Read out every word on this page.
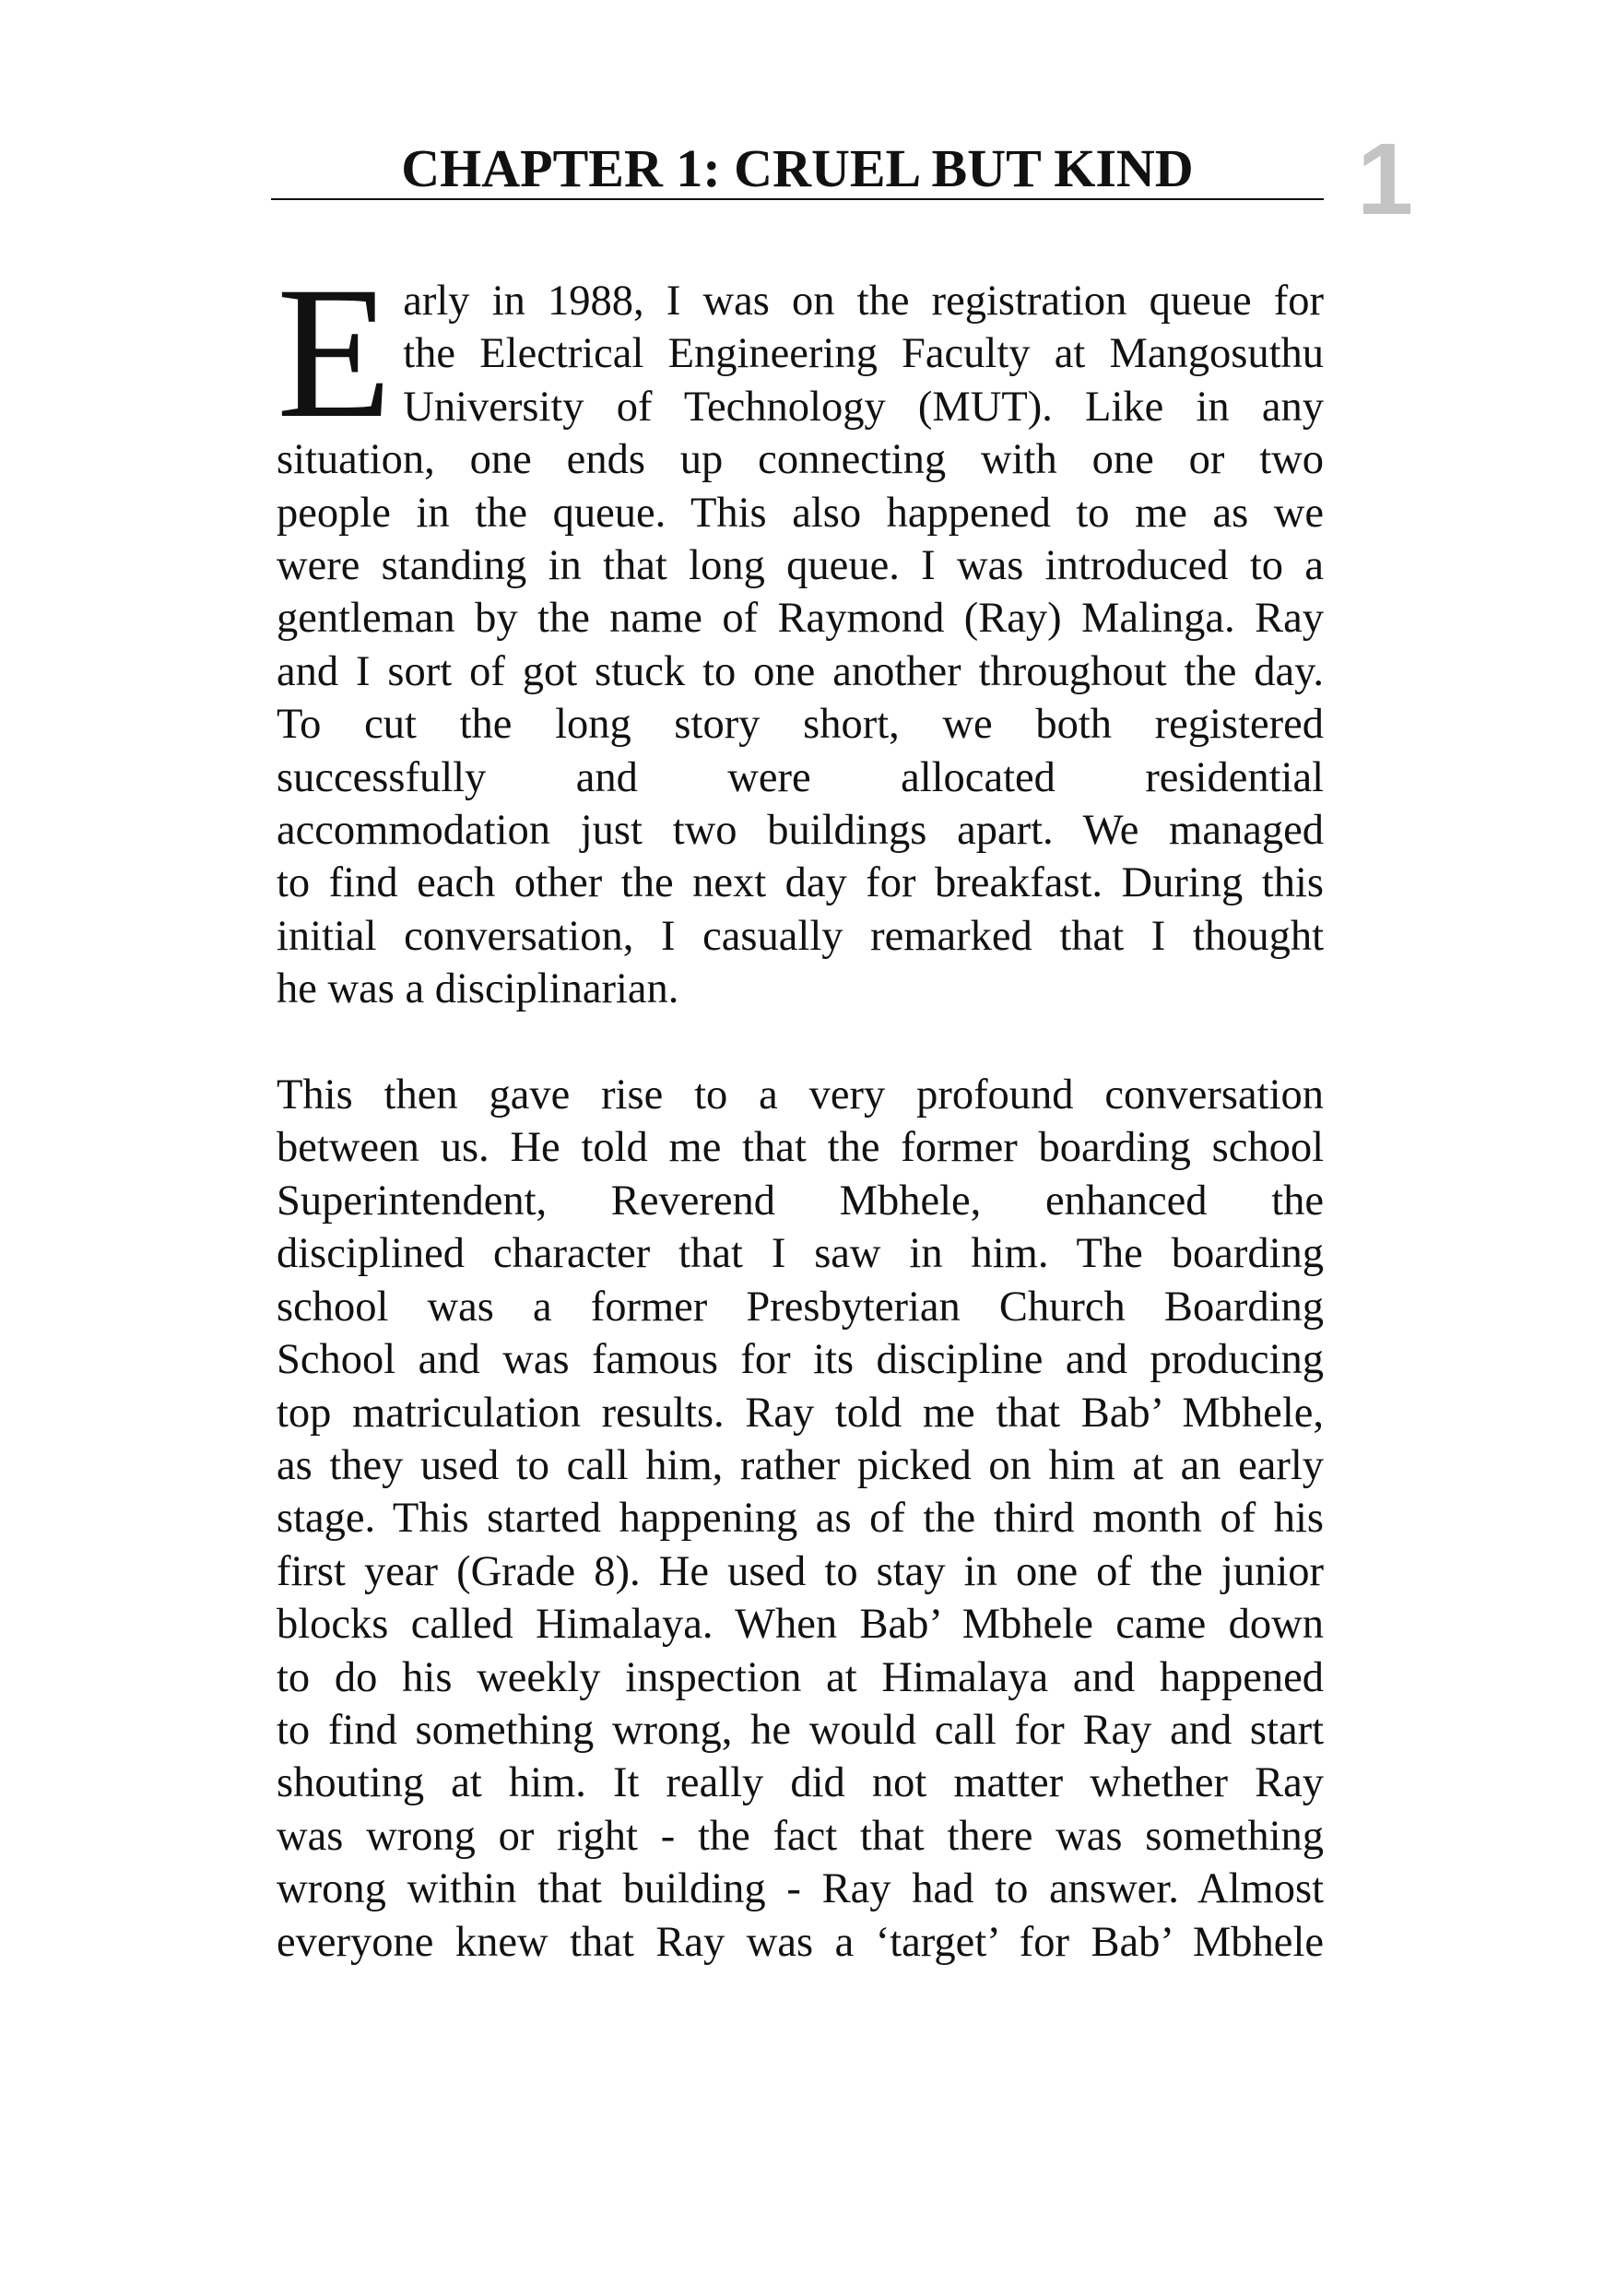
1
CHAPTER 1: CRUEL BUT KIND
E arly in 1988, I was on the registration queue for

the Electrical Engineering Faculty at Mangosuthu

University of Technology (MUT). Like in any

situation, one ends up connecting with one or two

people in the queue. This also happened to me as we

were standing in that long queue. I was introduced to a

gentleman by the name of Raymond (Ray) Malinga. Ray

and I sort of got stuck to one another throughout the day.

To cut the long story short, we both registered

successfully and were allocated residential

accommodation just two buildings apart. We managed

to find each other the next day for breakfast. During this

initial conversation, I casually remarked that I thought

he was a disciplinarian.

This then gave rise to a very profound conversation

between us. He told me that the former boarding school

Superintendent, Reverend Mbhele, enhanced the

disciplined character that I saw in him. The boarding

school was a former Presbyterian Church Boarding

School and was famous for its discipline and producing

top matriculation results. Ray told me that Bab’ Mbhele,

as they used to call him, rather picked on him at an early

stage. This started happening as of the third month of his

first year (Grade 8). He used to stay in one of the junior

blocks called Himalaya. When Bab’ Mbhele came down

to do his weekly inspection at Himalaya and happened

to find something wrong, he would call for Ray and start

shouting at him. It really did not matter whether Ray

was wrong or right - the fact that there was something

wrong within that building - Ray had to answer. Almost

everyone knew that Ray was a ‘target’ for Bab’ Mbhele
